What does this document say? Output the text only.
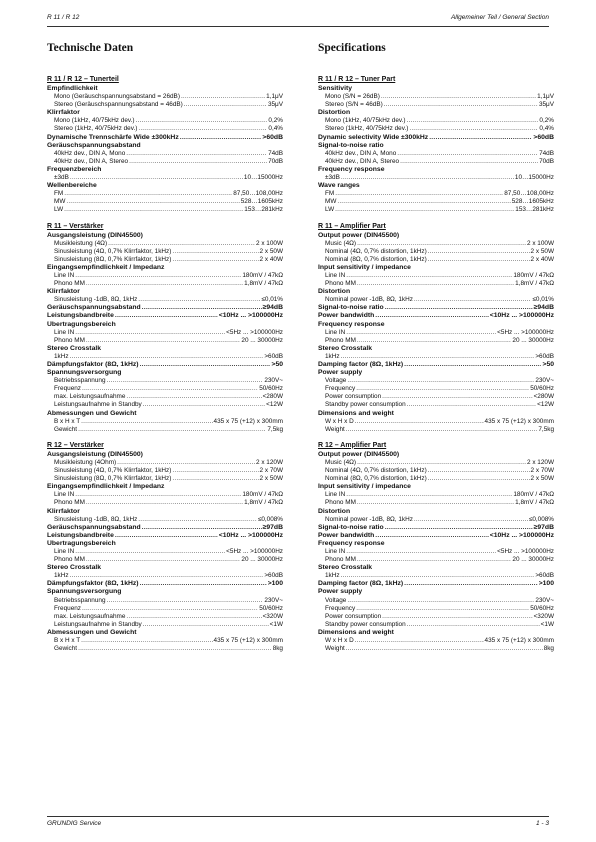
R 11 / R 12	Allgemeiner Teil / General Section
Technische Daten
R 11 / R 12 – Tunerteil
Empfindlichkeit
Mono (Geräuschspannungsabstand = 26dB) .....	1,1μV
Stereo (Geräuschspannungsabstand = 46dB) .....	35μV
Klirrfaktor
Mono (1kHz, 40/75kHz dev.) .....	0,2%
Stereo (1kHz, 40/75kHz dev.) .....	0,4%
Dynamische Trennschärfe Wide ±300kHz .....	>60dB
Geräuschspannungsabstand
40kHz dev., DIN A, Mono .....	74dB
40kHz dev., DIN A, Stereo .....	70dB
Frequenzbereich
±3dB .....	10…15000Hz
Wellenbereiche
FM .....	87,50…108,00Hz
MW .....	528…1605kHz
LW .....	153…281kHz
R 11 – Verstärker
Ausgangsleistung (DIN45500)
Musikleistung (4Ω) .....	2 x 100W
Sinusleistung (4Ω, 0,7% Klirrfaktor, 1kHz) .....	2 x 50W
Sinusleistung (8Ω, 0,7% Klirrfaktor, 1kHz) .....	2 x 40W
Eingangsempfindlichkeit / Impedanz
Line IN .....	180mV / 47kΩ
Phono MM .....	1,8mV / 47kΩ
Klirrfaktor
Sinusleistung -1dB, 8Ω, 1kHz .....	≤0,01%
Geräuschspannungsabstand .....	≥94dB
Leistungsbandbreite .....	<10Hz ... >100000Hz
Übertragungsbereich
Line IN .....	<5Hz ... >100000Hz
Phono MM .....	20 ... 30000Hz
Stereo Crosstalk
1kHz .....	>60dB
Dämpfungsfaktor (8Ω, 1kHz) .....	>50
Spannungsversorgung
Betriebsspannung .....	230V~
Frequenz .....	50/60Hz
max. Leistungsaufnahme .....	<280W
Leistungsaufnahme in Standby .....	<12W
Abmessungen und Gewicht
B x H x T .....	435 x 75 (+12) x 300mm
Gewicht .....	7,5kg
R 12 – Verstärker
Ausgangsleistung (DIN45500)
Musikleistung (4Ohm) .....	2 x 120W
Sinusleistung (4Ω, 0,7% Klirrfaktor, 1kHz) .....	2 x 70W
Sinusleistung (8Ω, 0,7% Klirrfaktor, 1kHz) .....	2 x 50W
Eingangsempfindlichkeit / Impedanz
Line IN .....	180mV / 47kΩ
Phono MM .....	1,8mV / 47kΩ
Klirrfaktor
Sinusleistung -1dB, 8Ω, 1kHz .....	≤0,008%
Geräuschspannungsabstand .....	≥97dB
Leistungsbandbreite .....	<10Hz ... >100000Hz
Übertragungsbereich
Line IN .....	<5Hz ... >100000Hz
Phono MM .....	20 ... 30000Hz
Stereo Crosstalk
1kHz .....	>60dB
Dämpfungsfaktor (8Ω, 1kHz) .....	>100
Spannungsversorgung
Betriebsspannung .....	230V~
Frequenz .....	50/60Hz
max. Leistungsaufnahme .....	<320W
Leistungsaufnahme in Standby .....	<1W
Abmessungen und Gewicht
B x H x T .....	435 x 75 (+12) x 300mm
Gewicht .....	8kg
Specifications
R 11 / R 12 – Tuner Part
Sensitivity
Mono (S/N = 26dB) .....	1,1μV
Stereo (S/N = 46dB) .....	35μV
Distortion
Mono (1kHz, 40/75kHz dev.) .....	0,2%
Stereo (1kHz, 40/75kHz dev.) .....	0,4%
Dynamic selectivity Wide ±300kHz .....	>60dB
Signal-to-noise ratio
40kHz dev., DIN A, Mono .....	74dB
40kHz dev., DIN A, Stereo .....	70dB
Frequency response
±3dB .....	10…15000Hz
Wave ranges
FM .....	87,50…108,00Hz
MW .....	528…1605kHz
LW .....	153…281kHz
R 11 – Amplifier Part
Output power (DIN45500)
Music (4Ω) .....	2 x 100W
Nominal (4Ω, 0,7% distortion, 1kHz) .....	2 x 50W
Nominal (8Ω, 0,7% distortion, 1kHz) .....	2 x 40W
Input sensitivity / impedance
Line IN .....	180mV / 47kΩ
Phono MM .....	1,8mV / 47kΩ
Distortion
Nominal power -1dB, 8Ω, 1kHz .....	≤0,01%
Signal-to-noise ratio .....	≥94dB
Power bandwidth .....	<10Hz ... >100000Hz
Frequency response
Line IN .....	<5Hz ... >100000Hz
Phono MM .....	20 ... 30000Hz
Stereo Crosstalk
1kHz .....	>60dB
Damping factor (8Ω, 1kHz) .....	>50
Power supply
Voltage .....	230V~
Frequency .....	50/60Hz
Power consumption .....	<280W
Standby power consumption .....	<12W
Dimensions and weight
W x H x D .....	435 x 75 (+12) x 300mm
Weight .....	7,5kg
R 12 – Amplifier Part
Output power (DIN45500)
Music (4Ω) .....	2 x 120W
Nominal (4Ω, 0,7% distortion, 1kHz) .....	2 x 70W
Nominal (8Ω, 0,7% distortion, 1kHz) .....	2 x 50W
Input sensitivity / impedance
Line IN .....	180mV / 47kΩ
Phono MM .....	1,8mV / 47kΩ
Distortion
Nominal power -1dB, 8Ω, 1kHz .....	≤0,008%
Signal-to-noise ratio .....	≥97dB
Power bandwidth .....	<10Hz ... >100000Hz
Frequency response
Line IN .....	<5Hz ... >100000Hz
Phono MM .....	20 ... 30000Hz
Stereo Crosstalk
1kHz .....	>60dB
Damping factor (8Ω, 1kHz) .....	>100
Power supply
Voltage .....	230V~
Frequency .....	50/60Hz
Power consumption .....	<320W
Standby power consumption .....	<1W
Dimensions and weight
W x H x D .....	435 x 75 (+12) x 300mm
Weight .....	8kg
GRUNDIG Service	1 - 3
